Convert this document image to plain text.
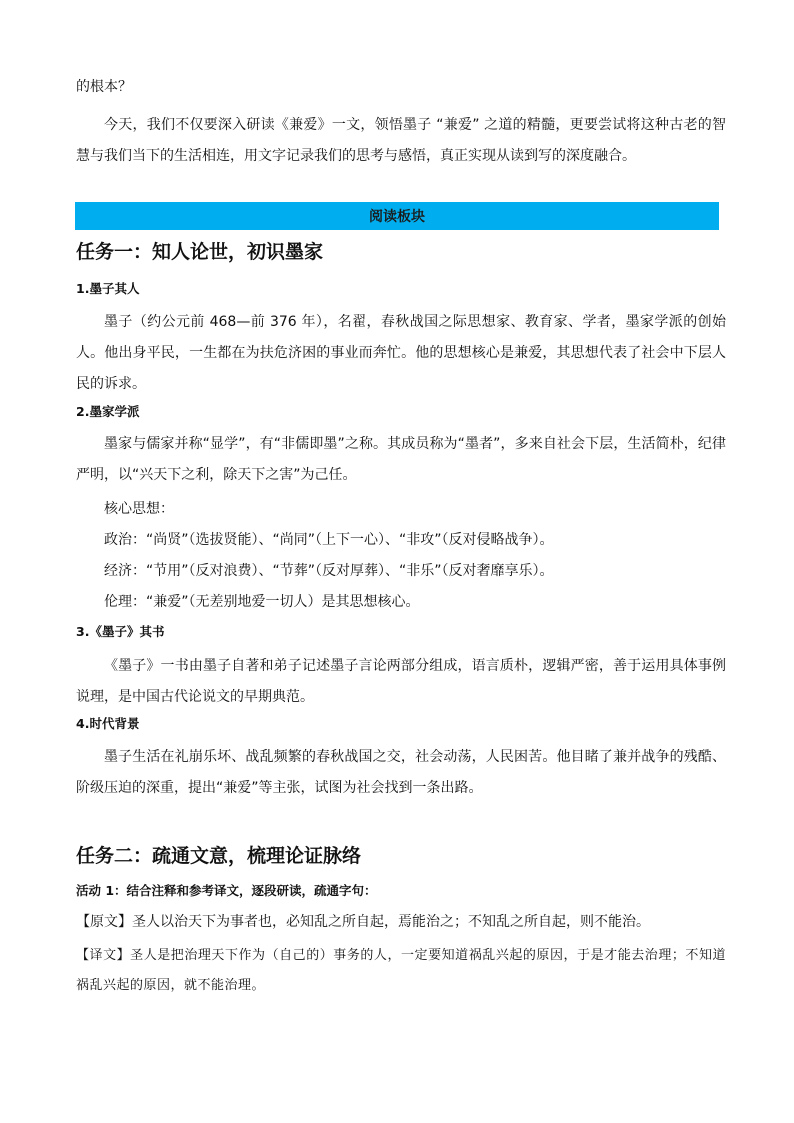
的根本？

今天，我们不仅要深入研读《兼爱》一文，领悟墨子 “兼爱” 之道的精髓，更要尝试将这种古老的智慧与我们当下的生活相连，用文字记录我们的思考与感悟，真正实现从读到写的深度融合。

阅读板块
任务一：知人论世，初识墨家

1.墨子其人

墨子（约公元前 468—前 376 年），名翟，春秋战国之际思想家、教育家、学者，墨家学派的创始人。他出身平民，一生都在为扶危济困的事业而奔忙。他的思想核心是兼爱，其思想代表了社会中下层人民的诉求。

2.墨家学派

墨家与儒家并称“显学”，有“非儒即墨”之称。其成员称为“墨者”，多来自社会下层，生活简朴，纪律严明，以“兴天下之利，除天下之害”为己任。

核心思想：

政治：“尚贤”（选拔贤能）、“尚同”（上下一心）、“非攻”（反对侵略战争）。

经济：“节用”（反对浪费）、“节葬”（反对厚葬）、“非乐”（反对奢靡享乐）。

伦理：“兼爱”（无差别地爱一切人）是其思想核心。

3.《墨子》其书

《墨子》一书由墨子自著和弟子记述墨子言论两部分组成，语言质朴，逻辑严密，善于运用具体事例说理，是中国古代论说文的早期典范。

4.时代背景

墨子生活在礼崩乐坏、战乱频繁的春秋战国之交，社会动荡，人民困苦。他目睹了兼并战争的残酷、阶级压迫的深重，提出“兼爱”等主张，试图为社会找到一条出路。

任务二：疏通文意，梳理论证脉络

活动 1：结合注释和参考译文，逐段研读，疏通字句：

【原文】圣人以治天下为事者也，必知乱之所自起，焉能治之；不知乱之所自起，则不能治。

【译文】圣人是把治理天下作为（自己的）事务的人，一定要知道祸乱兴起的原因，于是才能去治理；不知道祸乱兴起的原因，就不能治理。
